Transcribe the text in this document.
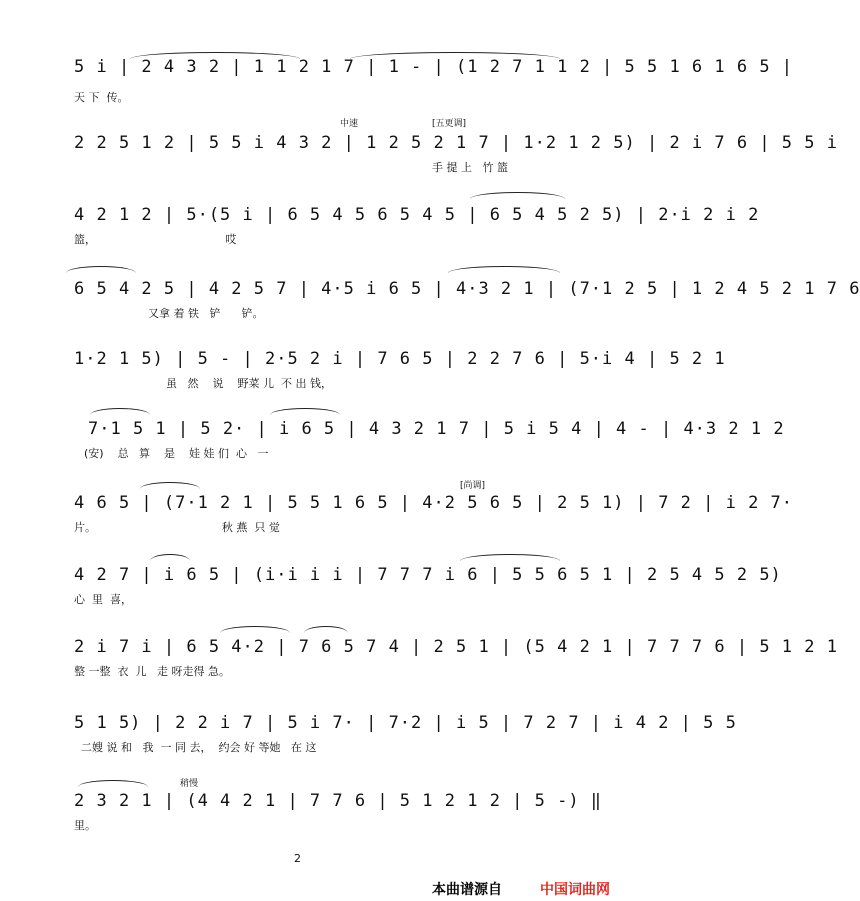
5 i | 2 4 3 2 | 1 1 2 1 7 | 1 - | (1 2 7 1 1 2 | 5 5 1 6 1 6 5 |
天 下  传。
中速	[五更调]
2 2 5 1 2 | 5 5 i 4 3 2 | 1 2 5 2 1 7 | 1·2 1 2 5) | 2 i 7 6 | 5 5 i
手 提 上   竹 篮
4 2 1 2 | 5·(5 i | 6 5 4 5 6 5 4 5 | 6 5 4 5 2 5) | 2·i 2 i 2
篮，                                     哎
6 5 4 2 5 | 4 2 5 7 | 4·5 i 6 5 | 4·3 2 1 | (7·1 2 5 | 1 2 4 5 2 1 7 6
又拿 着 铁   铲      铲。
1·2 1 5) | 5 - | 2·5 2 i | 7 6 5 | 2 2 7 6 | 5·i 4 | 5 2 1
虽   然    说    野菜 儿  不 出 钱，
7·1 5 1 | 5 2· | i 6 5 | 4 3 2 1 7 | 5 i 5 4 | 4 - | 4·3 2 1 2
(安)    总   算    是    娃 娃 们  心   一
[尚调]
4 6 5 | (7·1 2 1 | 5 5 1 6 5 | 4·2 5 6 5 | 2 5 1) | 7 2 | i 2 7·
片。                                    秋 燕  只 觉
4 2 7 | i 6 5 | (i·i i i | 7 7 7 i 6 | 5 5 6 5 1 | 2 5 4 5 2 5)
心  里  喜，
2 i 7 i | 6 5 4·2 | 7 6 5 7 4 | 2 5 1 | (5 4 2 1 | 7 7 7 6 | 5 1 2 1
整 一整  衣  儿   走 呀走得 急。
5 1 5) | 2 2 i 7 | 5 i 7· | 7·2 | i 5 | 7 2 7 | i 4 2 | 5 5
二嫂 说 和   我  一 同 去，  约会 好 等她   在 这
稍慢
2 3 2 1 | (4 4 2 1 | 7 7 6 | 5 1 2 1 2 | 5 -) ‖
里。
2
本曲谱源自	中国词曲网
